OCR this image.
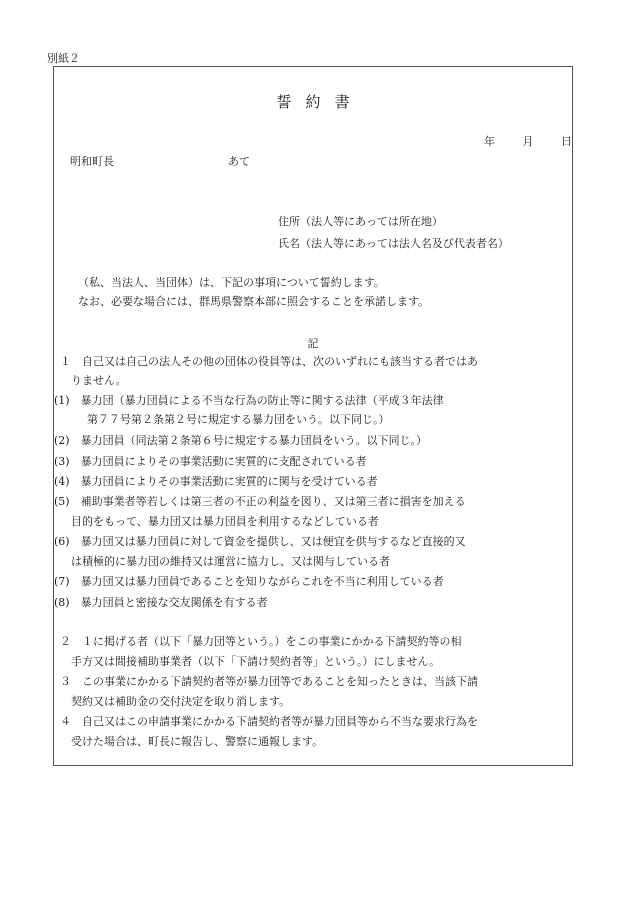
別紙２
誓約書
年	月	日
明和町長	あて
住所（法人等にあっては所在地）
氏名（法人等にあっては法人名及び代表者名）
（私、当法人、当団体）は、下記の事項について誓約します。
なお、必要な場合には、群馬県警察本部に照会することを承諾します。
記
１　自己又は自己の法人その他の団体の役員等は、次のいずれにも該当する者ではあ
りません。
(1)　暴力団（暴力団員による不当な行為の防止等に関する法律（平成３年法律
第７７号第２条第２号に規定する暴力団をいう。以下同じ。）
(2)　暴力団員（同法第２条第６号に規定する暴力団員をいう。以下同じ。）
(3)　暴力団員によりその事業活動に実質的に支配されている者
(4)　暴力団員によりその事業活動に実質的に関与を受けている者
(5)　補助事業者等若しくは第三者の不正の利益を図り、又は第三者に損害を加える
目的をもって、暴力団又は暴力団員を利用するなどしている者
(6)　暴力団又は暴力団員に対して資金を提供し、又は便宜を供与するなど直接的又
は積極的に暴力団の維持又は運営に協力し、又は関与している者
(7)　暴力団又は暴力団員であることを知りながらこれを不当に利用している者
(8)　暴力団員と密接な交友関係を有する者
２　１に掲げる者（以下「暴力団等という。）をこの事業にかかる下請契約等の相
手方又は間接補助事業者（以下「下請け契約者等」という。）にしません。
３　この事業にかかる下請契約者等が暴力団等であることを知ったときは、当該下請
契約又は補助金の交付決定を取り消します。
４　自己又はこの申請事業にかかる下請契約者等が暴力団員等から不当な要求行為を
受けた場合は、町長に報告し、警察に通報します。
